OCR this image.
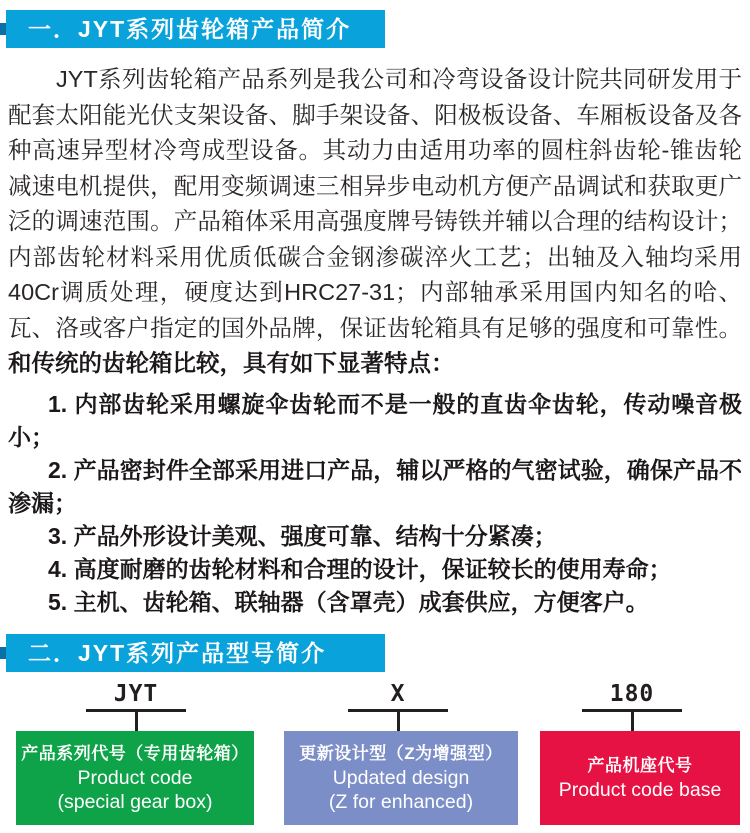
一．JYT系列齿轮箱产品简介

JYT系列齿轮箱产品系列是我公司和冷弯设备设计院共同研发用于配套太阳能光伏支架设备、脚手架设备、阳极板设备、车厢板设备及各种高速异型材冷弯成型设备。其动力由适用功率的圆柱斜齿轮-锥齿轮减速电机提供，配用变频调速三相异步电动机方便产品调试和获取更广泛的调速范围。产品箱体采用高强度牌号铸铁并辅以合理的结构设计；内部齿轮材料采用优质低碳合金钢渗碳淬火工艺；出轴及入轴均采用40Cr调质处理，硬度达到HRC27-31；内部轴承采用国内知名的哈、瓦、洛或客户指定的国外品牌，保证齿轮箱具有足够的强度和可靠性。和传统的齿轮箱比较，具有如下显著特点：

1. 内部齿轮采用螺旋伞齿轮而不是一般的直齿伞齿轮，传动噪音极小；

2. 产品密封件全部采用进口产品，辅以严格的气密试验，确保产品不渗漏；

3. 产品外形设计美观、强度可靠、结构十分紧凑；

4. 高度耐磨的齿轮材料和合理的设计，保证较长的使用寿命；

5. 主机、齿轮箱、联轴器（含罩壳）成套供应，方便客户。

二．JYT系列产品型号简介
JYT
产品系列代号（专用齿轮箱）
Product code
(special gear box)
X
更新设计型（Z为增强型）
Updated design
(Z for enhanced)
180
产品机座代号
Product code base
